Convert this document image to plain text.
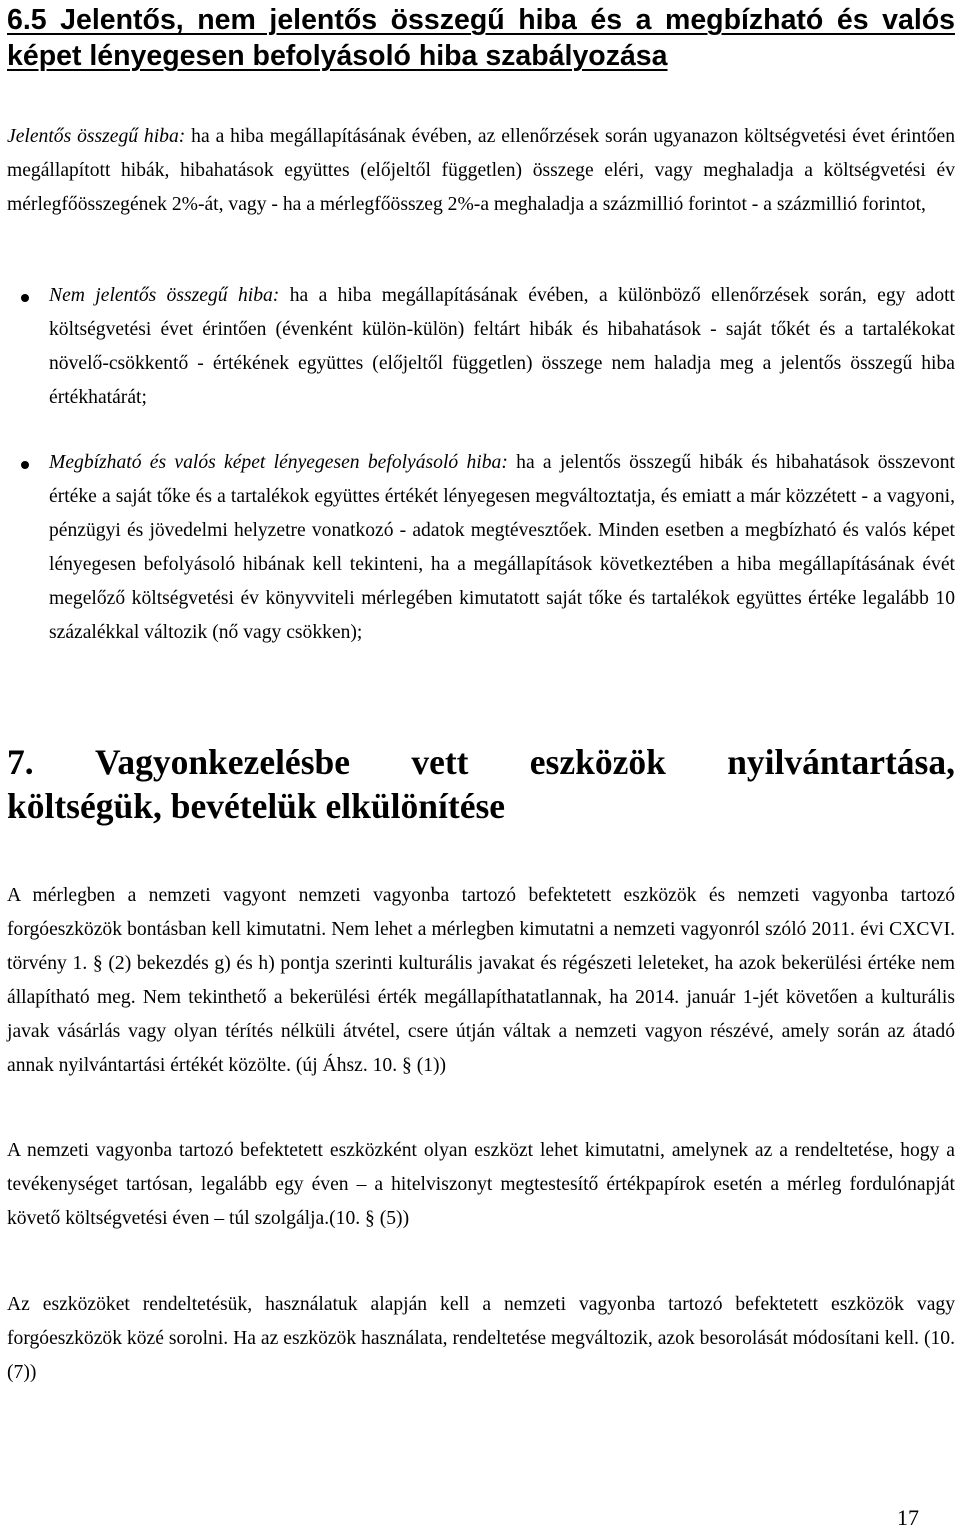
6.5 Jelentős, nem jelentős összegű hiba és a megbízható és valós képet lényegesen befolyásoló hiba szabályozása

Jelentős összegű hiba: ha a hiba megállapításának évében, az ellenőrzések során ugyanazon költségvetési évet érintően megállapított hibák, hibahatások együttes (előjeltől független) összege eléri, vagy meghaladja a költségvetési év mérlegfőösszegének 2%-át, vagy - ha a mérlegfőösszeg 2%-a meghaladja a százmillió forintot - a százmillió forintot,

Nem jelentős összegű hiba: ha a hiba megállapításának évében, a különböző ellenőrzések során, egy adott költségvetési évet érintően (évenként külön-külön) feltárt hibák és hibahatások - saját tőkét és a tartalékokat növelő-csökkentő - értékének együttes (előjeltől független) összege nem haladja meg a jelentős összegű hiba értékhatárát;

Megbízható és valós képet lényegesen befolyásoló hiba: ha a jelentős összegű hibák és hibahatások összevont értéke a saját tőke és a tartalékok együttes értékét lényegesen megváltoztatja, és emiatt a már közzétett - a vagyoni, pénzügyi és jövedelmi helyzetre vonatkozó - adatok megtévesztőek. Minden esetben a megbízható és valós képet lényegesen befolyásoló hibának kell tekinteni, ha a megállapítások következtében a hiba megállapításának évét megelőző költségvetési év könyvviteli mérlegében kimutatott saját tőke és tartalékok együttes értéke legalább 10 százalékkal változik (nő vagy csökken);

7. Vagyonkezelésbe vett eszközök nyilvántartása,
költségük, bevételük elkülönítése

A mérlegben a nemzeti vagyont nemzeti vagyonba tartozó befektetett eszközök és nemzeti vagyonba tartozó forgóeszközök bontásban kell kimutatni. Nem lehet a mérlegben kimutatni a nemzeti vagyonról szóló 2011. évi CXCVI. törvény 1. § (2) bekezdés g) és h) pontja szerinti kulturális javakat és régészeti leleteket, ha azok bekerülési értéke nem állapítható meg. Nem tekinthető a bekerülési érték megállapíthatatlannak, ha 2014. január 1-jét követően a kulturális javak vásárlás vagy olyan térítés nélküli átvétel, csere útján váltak a nemzeti vagyon részévé, amely során az átadó annak nyilvántartási értékét közölte. (új Áhsz. 10. § (1))

A nemzeti vagyonba tartozó befektetett eszközként olyan eszközt lehet kimutatni, amelynek az a rendeltetése, hogy a tevékenységet tartósan, legalább egy éven – a hitelviszonyt megtestesítő értékpapírok esetén a mérleg fordulónapját követő költségvetési éven – túl szolgálja.(10. § (5))

Az eszközöket rendeltetésük, használatuk alapján kell a nemzeti vagyonba tartozó befektetett eszközök vagy forgóeszközök közé sorolni. Ha az eszközök használata, rendeltetése megváltozik, azok besorolását módosítani kell. (10. (7))

17
